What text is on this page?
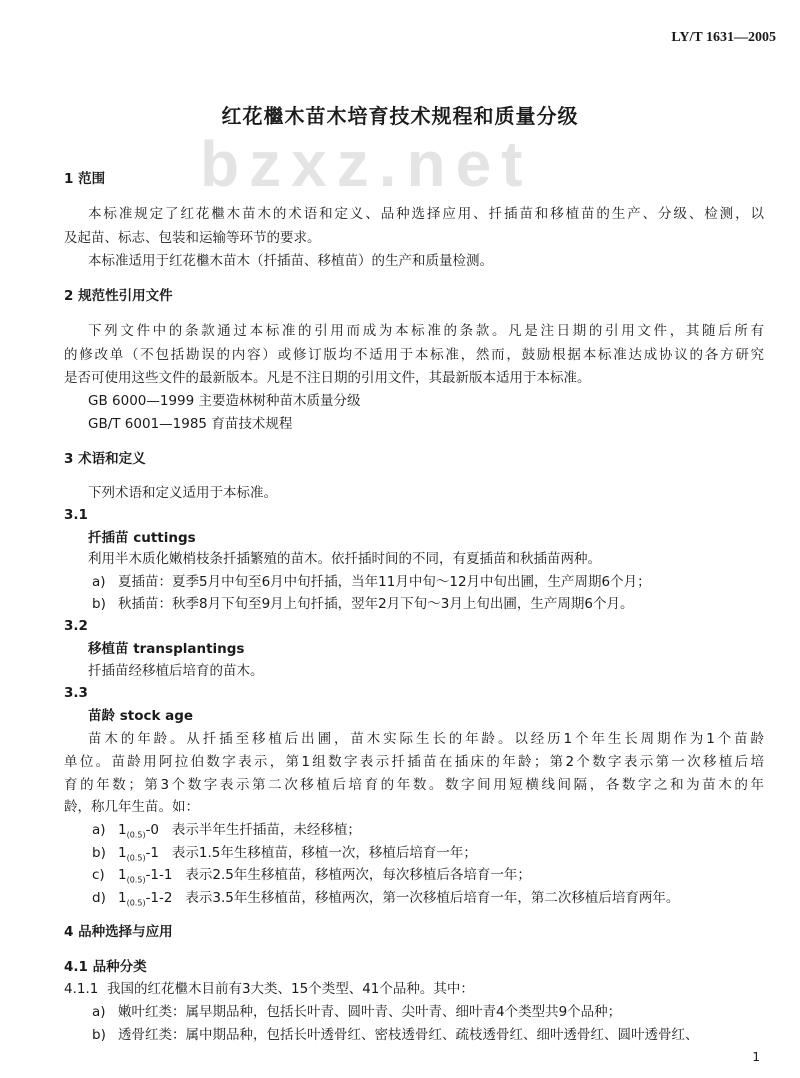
LY/T 1631—2005
红花檵木苗木培育技术规程和质量分级
bzxz.net
1 范围
本标准规定了红花檵木苗木的术语和定义、品种选择应用、扦插苗和移植苗的生产、分级、检测，以
及起苗、标志、包装和运输等环节的要求。
本标准适用于红花檵木苗木（扦插苗、移植苗）的生产和质量检测。
2 规范性引用文件
下列文件中的条款通过本标准的引用而成为本标准的条款。凡是注日期的引用文件，其随后所有
的修改单（不包括勘误的内容）或修订版均不适用于本标准，然而，鼓励根据本标准达成协议的各方研究
是否可使用这些文件的最新版本。凡是不注日期的引用文件，其最新版本适用于本标准。
GB 6000—1999 主要造林树种苗木质量分级
GB/T 6001—1985 育苗技术规程
3 术语和定义
下列术语和定义适用于本标准。
3.1
扦插苗 cuttings
利用半木质化嫩梢枝条扦插繁殖的苗木。依扦插时间的不同，有夏插苗和秋插苗两种。
a) 夏插苗：夏季5月中旬至6月中旬扦插，当年11月中旬～12月中旬出圃，生产周期6个月；
b) 秋插苗：秋季8月下旬至9月上旬扦插，翌年2月下旬～3月上旬出圃，生产周期6个月。
3.2
移植苗 transplantings
扦插苗经移植后培育的苗木。
3.3
苗龄 stock age
苗木的年龄。从扦插至移植后出圃，苗木实际生长的年龄。以经历1个年生长周期作为1个苗龄
单位。苗龄用阿拉伯数字表示，第1组数字表示扦插苗在插床的年龄；第2个数字表示第一次移植后培
育的年数；第3个数字表示第二次移植后培育的年数。数字间用短横线间隔，各数字之和为苗木的年
龄，称几年生苗。如：
a) $1_{(0.5)}-0$ 表示半年生扦插苗，未经移植；
b) $1_{(0.5)}-1$ 表示1.5年生移植苗，移植一次，移植后培育一年；
c) $1_{(0.5)}-1-1$ 表示2.5年生移植苗，移植两次，每次移植后各培育一年；
d) $1_{(0.5)}-1-2$ 表示3.5年生移植苗，移植两次，第一次移植后培育一年，第二次移植后培育两年。
4 品种选择与应用
4.1 品种分类
4.1.1 我国的红花檵木目前有3大类、15个类型、41个品种。其中：
a) 嫩叶红类：属早期品种，包括长叶青、圆叶青、尖叶青、细叶青4个类型共9个品种；
b) 透骨红类：属中期品种，包括长叶透骨红、密枝透骨红、疏枝透骨红、细叶透骨红、圆叶透骨红、
1
